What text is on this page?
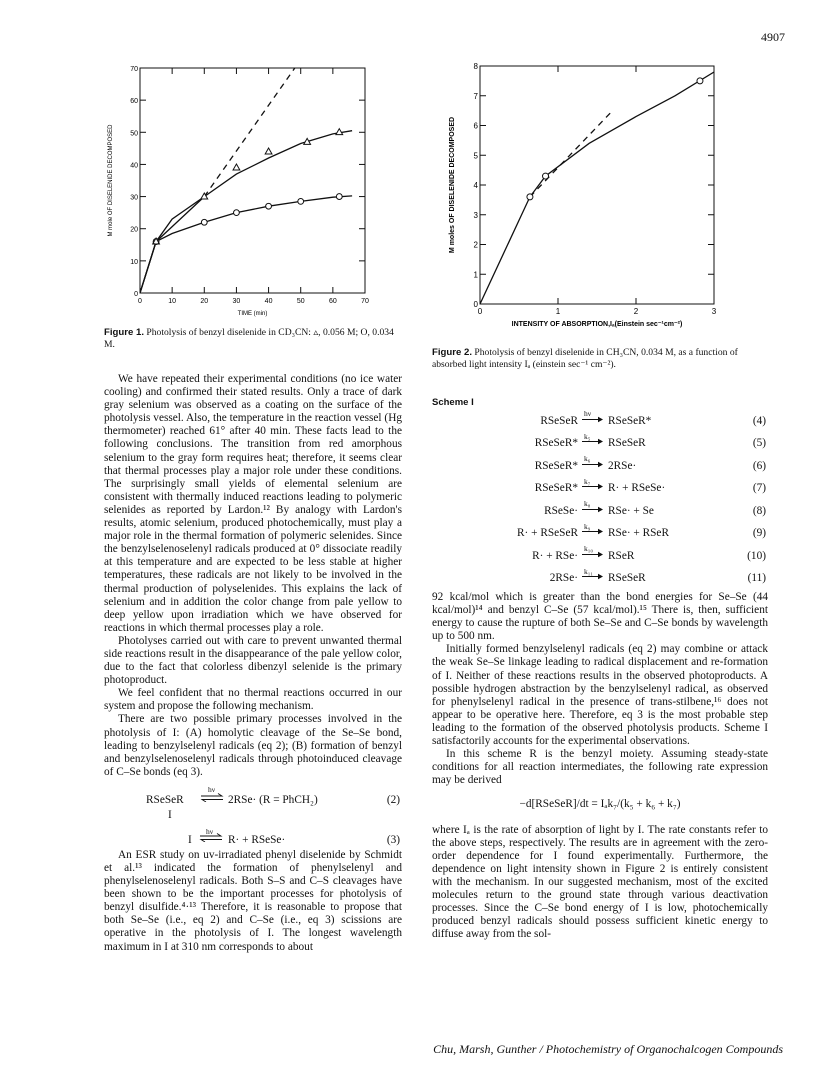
4907
0	10	20	30	40	50	60	70
0
10
20
30
40
50
60
70
TIME (min)
M mole OF DISELENIDE DECOMPOSED
Figure 1. Photolysis of benzyl diselenide in CD₃CN: ▵, 0.056 M; O, 0.034 M.
0	1	2	3
0
1
2
3
4
5
6
7
8
INTENSITY OF ABSORPTION,Iₐ(Einstein sec⁻¹cm⁻²)
M moles OF DISELENIDE DECOMPOSED
Figure 2. Photolysis of benzyl diselenide in CH₃CN, 0.034 M, as a function of absorbed light intensity Iₐ (einstein sec⁻¹ cm⁻²).

We have repeated their experimental conditions (no ice water cooling) and confirmed their stated results. Only a trace of dark gray selenium was observed as a coating on the surface of the photolysis vessel. Also, the temperature in the reaction vessel (Hg thermometer) reached 61° after 40 min. These facts lead to the following conclusions. The transition from red amorphous selenium to the gray form requires heat; therefore, it seems clear that thermal processes play a major role under these conditions. The surprisingly small yields of elemental selenium are consistent with thermally induced reactions leading to polymeric selenides as reported by Lardon.¹² By analogy with Lardon's results, atomic selenium, produced photochemically, must play a major role in the thermal formation of polymeric selenides. Since the benzylselenoselenyl radicals produced at 0° dissociate readily at this temperature and are expected to be less stable at higher temperatures, these radicals are not likely to be involved in the thermal production of polyselenides. This explains the lack of selenium and in addition the color change from pale yellow to deep yellow upon irradiation which we have observed for reactions in which thermal processes play a role.

Photolyses carried out with care to prevent unwanted thermal side reactions result in the disappearance of the pale yellow color, due to the fact that colorless dibenzyl selenide is the primary photoproduct.

We feel confident that no thermal reactions occurred in our system and propose the following mechanism.

There are two possible primary processes involved in the photolysis of I: (A) homolytic cleavage of the Se–Se bond, leading to benzylselenyl radicals (eq 2); (B) formation of benzyl and benzylselenoselenyl radicals through photoinduced cleavage of C–Se bonds (eq 3).

RSeSeR
hν
⇌ 2RSe· (R = PhCH₂)	(2)
I
I
hν
⇌ R· + RSeSe·	(3)

An ESR study on uv-irradiated phenyl diselenide by Schmidt et al.¹³ indicated the formation of phenylselenyl and phenylselenoselenyl radicals. Both S–S and C–S cleavages have been shown to be the important processes for photolysis of benzyl disulfide.⁴·¹³ Therefore, it is reasonable to propose that both Se–Se (i.e., eq 2) and C–Se (i.e., eq 3) scissions are operative in the photolysis of I. The longest wavelength maximum in I at 310 nm corresponds to about

Scheme I
RSeSeR
hν
→ RSeSeR*	(4)
RSeSeR*
k₅
→ RSeSeR	(5)
RSeSeR*
k₆
→ 2RSe·	(6)
RSeSeR*
k₇
→ R· + RSeSe·	(7)
RSeSe·
k₈
→ RSe· + Se	(8)
R· + RSeSeR
k₉
→ RSe· + RSeR	(9)
R· + RSe·
k₁₀
→ RSeR	(10)
2RSe·
k₁₁
→ RSeSeR	(11)

92 kcal/mol which is greater than the bond energies for Se–Se (44 kcal/mol)¹⁴ and benzyl C–Se (57 kcal/mol).¹⁵ There is, then, sufficient energy to cause the rupture of both Se–Se and C–Se bonds by wavelength up to 500 nm.

Initially formed benzylselenyl radicals (eq 2) may combine or attack the weak Se–Se linkage leading to radical displacement and re-formation of I. Neither of these reactions results in the observed photoproducts. A possible hydrogen abstraction by the benzylselenyl radical, as observed for phenylselenyl radical in the presence of trans-stilbene,¹⁶ does not appear to be operative here. Therefore, eq 3 is the most probable step leading to the formation of the observed photolysis products. Scheme I satisfactorily accounts for the experimental observations.

In this scheme R is the benzyl moiety. Assuming steady-state conditions for all reaction intermediates, the following rate expression may be derived

−d[RSeSeR]/dt = Iₐk₇/(k₅ + k₆ + k₇)

where Iₐ is the rate of absorption of light by I. The rate constants refer to the above steps, respectively. The results are in agreement with the zero-order dependence for I found experimentally. Furthermore, the dependence on light intensity shown in Figure 2 is entirely consistent with the mechanism. In our suggested mechanism, most of the excited molecules return to the ground state through various deactivation processes. Since the C–Se bond energy of I is low, photochemically produced benzyl radicals should possess sufficient kinetic energy to diffuse away from the sol-

Chu, Marsh, Gunther / Photochemistry of Organochalcogen Compounds
